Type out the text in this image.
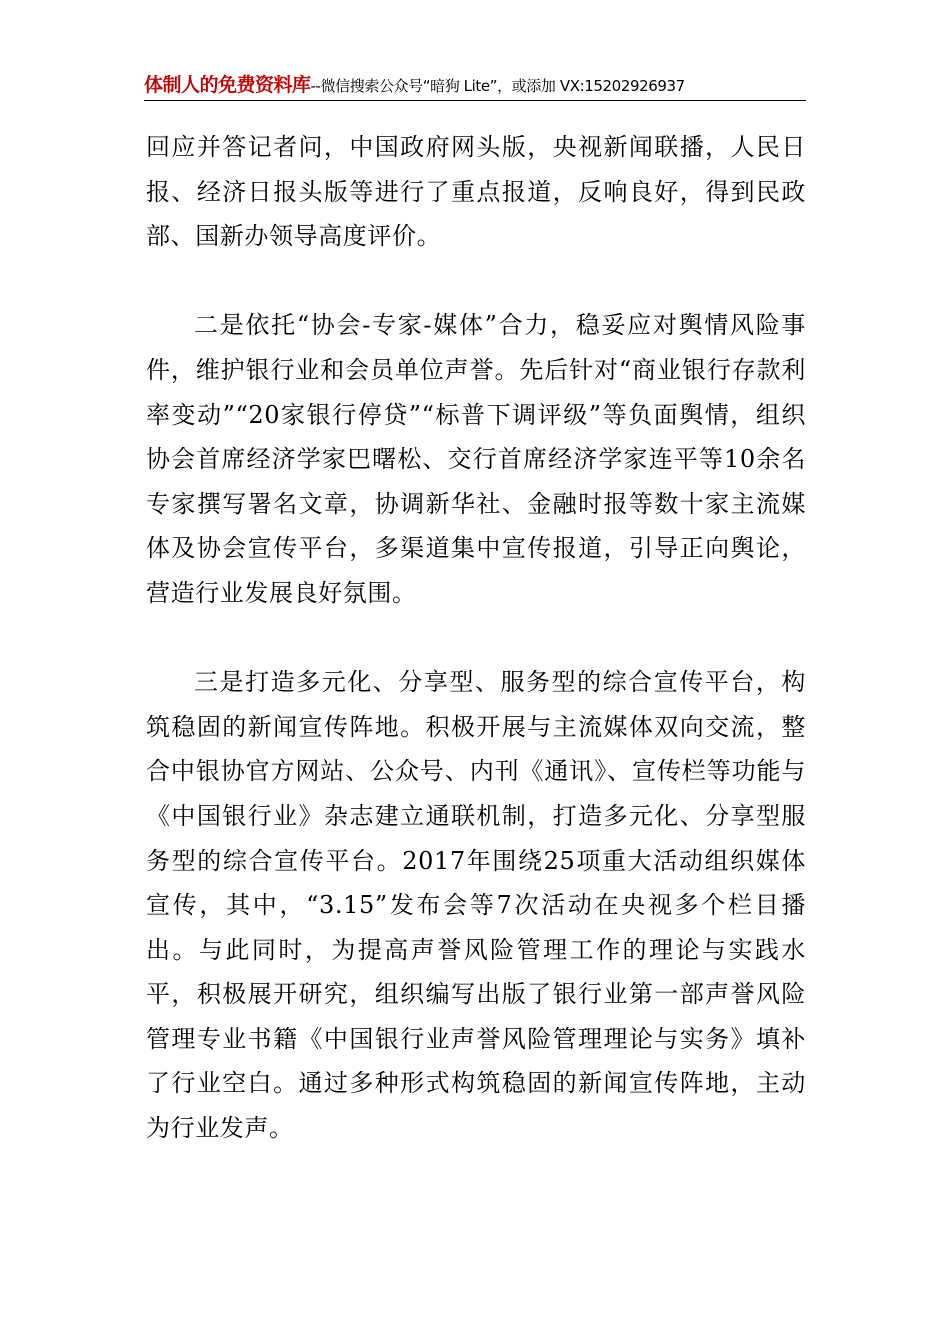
体制人的免费资料库--微信搜索公众号“暗狗 Lite”，或添加 VX:15202926937

回应并答记者问，中国政府网头版，央视新闻联播，人民日报、经济日报头版等进行了重点报道，反响良好，得到民政部、国新办领导高度评价。

二是依托“协会-专家-媒体”合力，稳妥应对舆情风险事件，维护银行业和会员单位声誉。先后针对“商业银行存款利率变动”“20家银行停贷”“标普下调评级”等负面舆情，组织协会首席经济学家巴曙松、交行首席经济学家连平等10余名专家撰写署名文章，协调新华社、金融时报等数十家主流媒体及协会宣传平台，多渠道集中宣传报道，引导正向舆论，营造行业发展良好氛围。

三是打造多元化、分享型、服务型的综合宣传平台，构筑稳固的新闻宣传阵地。积极开展与主流媒体双向交流，整合中银协官方网站、公众号、内刊《通讯》、宣传栏等功能与《中国银行业》杂志建立通联机制，打造多元化、分享型服务型的综合宣传平台。2017年围绕25项重大活动组织媒体宣传，其中，“3.15”发布会等7次活动在央视多个栏目播出。与此同时，为提高声誉风险管理工作的理论与实践水平，积极展开研究，组织编写出版了银行业第一部声誉风险管理专业书籍《中国银行业声誉风险管理理论与实务》填补了行业空白。通过多种形式构筑稳固的新闻宣传阵地，主动为行业发声。
